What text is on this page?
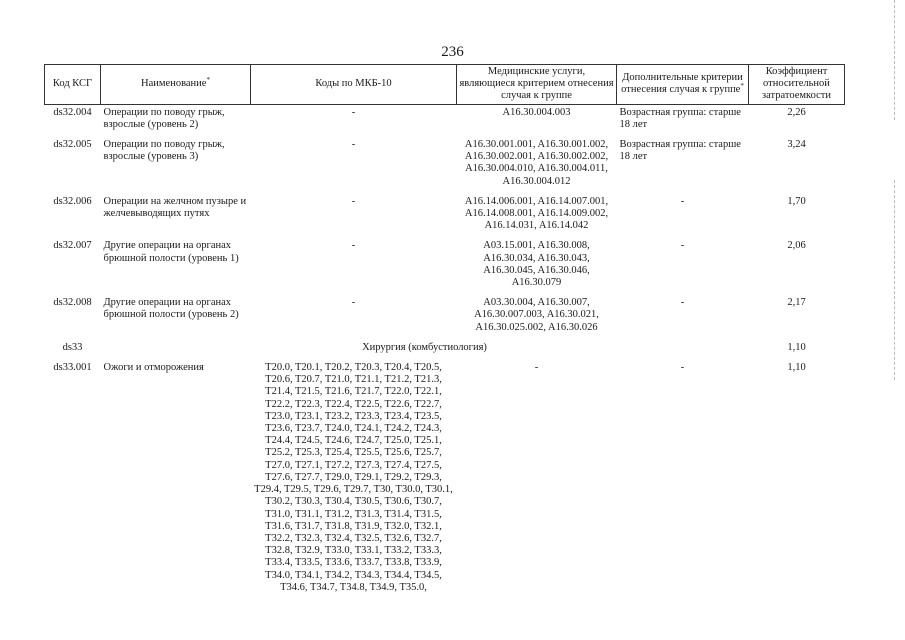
236
Код КСГ	Наименование*	Коды по МКБ-10	Медицинские услуги, являющиеся критерием отнесения случая к группе	Дополнительные критерии отнесения случая к группе*	Коэффициент относительной затратоемкости
ds32.004	Операции по поводу грыж, взрослые (уровень 2)	-	A16.30.004.003	Возрастная группа: старше 18 лет	2,26
ds32.005	Операции по поводу грыж, взрослые (уровень 3)	-	A16.30.001.001, A16.30.001.002, A16.30.002.001, A16.30.002.002, A16.30.004.010, A16.30.004.011, A16.30.004.012	Возрастная группа: старше 18 лет	3,24
ds32.006	Операции на желчном пузыре и желчевыводящих путях	-	A16.14.006.001, A16.14.007.001, A16.14.008.001, A16.14.009.002, A16.14.031, A16.14.042	-	1,70
ds32.007	Другие операции на органах брюшной полости (уровень 1)	-	A03.15.001, A16.30.008, A16.30.034, A16.30.043, A16.30.045, A16.30.046, A16.30.079	-	2,06
ds32.008	Другие операции на органах брюшной полости (уровень 2)	-	A03.30.004, A16.30.007, A16.30.007.003, A16.30.021, A16.30.025.002, A16.30.026	-	2,17
ds33	Хирургия (комбустиология)				1,10
ds33.001	Ожоги и отморожения	T20.0, T20.1, T20.2, T20.3, T20.4, T20.5, T20.6, T20.7, T21.0, T21.1, T21.2, T21.3, T21.4, T21.5, T21.6, T21.7, T22.0, T22.1, T22.2, T22.3, T22.4, T22.5, T22.6, T22.7, T23.0, T23.1, T23.2, T23.3, T23.4, T23.5, T23.6, T23.7, T24.0, T24.1, T24.2, T24.3, T24.4, T24.5, T24.6, T24.7, T25.0, T25.1, T25.2, T25.3, T25.4, T25.5, T25.6, T25.7, T27.0, T27.1, T27.2, T27.3, T27.4, T27.5, T27.6, T27.7, T29.0, T29.1, T29.2, T29.3, T29.4, T29.5, T29.6, T29.7, T30, T30.0, T30.1, T30.2, T30.3, T30.4, T30.5, T30.6, T30.7, T31.0, T31.1, T31.2, T31.3, T31.4, T31.5, T31.6, T31.7, T31.8, T31.9, T32.0, T32.1, T32.2, T32.3, T32.4, T32.5, T32.6, T32.7, T32.8, T32.9, T33.0, T33.1, T33.2, T33.3, T33.4, T33.5, T33.6, T33.7, T33.8, T33.9, T34.0, T34.1, T34.2, T34.3, T34.4, T34.5, T34.6, T34.7, T34.8, T34.9, T35.0,	-	-	1,10
